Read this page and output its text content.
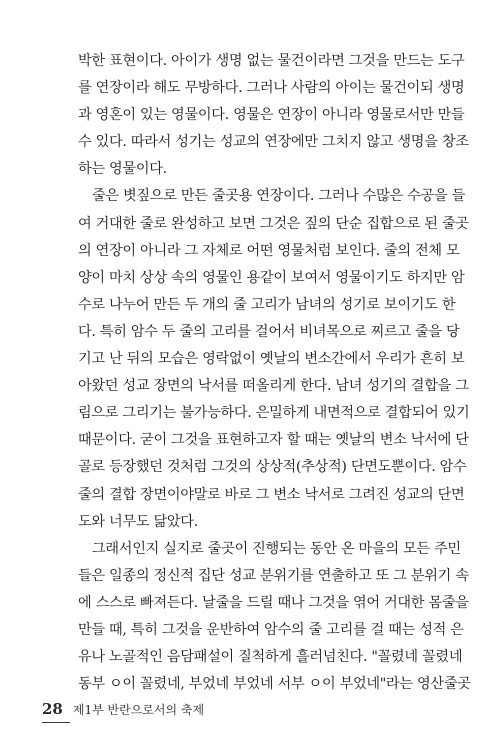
박한 표현이다. 아이가 생명 없는 물건이라면 그것을 만드는 도구
를 연장이라 해도 무방하다. 그러나 사람의 아이는 물건이되 생명
과 영혼이 있는 영물이다. 영물은 연장이 아니라 영물로서만 만들
수 있다. 따라서 성기는 성교의 연장에만 그치지 않고 생명을 창조
하는 영물이다.
줄은 볏짚으로 만든 줄곳용 연장이다. 그러나 수많은 수공을 들
여 거대한 줄로 완성하고 보면 그것은 짚의 단순 집합으로 된 줄곳
의 연장이 아니라 그 자체로 어떤 영물처럼 보인다. 줄의 전체 모
양이 마치 상상 속의 영물인 용같이 보여서 영물이기도 하지만 암
수로 나누어 만든 두 개의 줄 고리가 남녀의 성기로 보이기도 한
다. 특히 암수 두 줄의 고리를 걸어서 비녀목으로 찌르고 줄을 당
기고 난 뒤의 모습은 영락없이 옛날의 변소간에서 우리가 흔히 보
아왔던 성교 장면의 낙서를 떠올리게 한다. 남녀 성기의 결합을 그
림으로 그리기는 불가능하다. 은밀하게 내면적으로 결합되어 있기
때문이다. 굳이 그것을 표현하고자 할 때는 옛날의 변소 낙서에 단
골로 등장했던 것처럼 그것의 상상적(추상적) 단면도뿐이다. 암수
줄의 결합 장면이야말로 바로 그 변소 낙서로 그려진 성교의 단면
도와 너무도 닮았다.
그래서인지 실지로 줄곳이 진행되는 동안 온 마을의 모든 주민
들은 일종의 정신적 집단 성교 분위기를 연출하고 또 그 분위기 속
에 스스로 빠져든다. 날줄을 드릴 때나 그것을 엮어 거대한 몸줄을
만들 때, 특히 그것을 운반하여 암수의 줄 고리를 걸 때는 성적 은
유나 노골적인 음담패설이 질척하게 흘러넘친다. "꼴렸네 꼴렸네
동부 ㅇ이 꼴렸네, 부었네 부었네 서부 ㅇ이 부었네"라는 영산줄곳
28 제1부 반란으로서의 축제
